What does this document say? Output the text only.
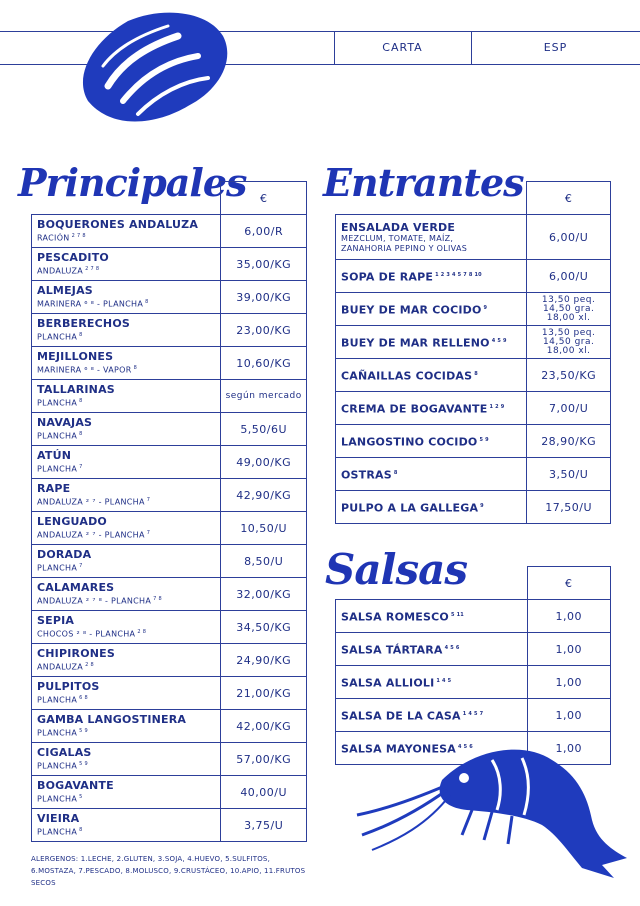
CARTA	ESP
Principales
	€

BOQUERONES ANDALUZA
RACIÓN $^{2 7 8}$	6,00/R

PESCADITO
ANDALUZA $^{2 7 8}$	35,00/KG

ALMEJAS
MARINERA ⁶ ⁸ - PLANCHA $^8$	39,00/KG

BERBERECHOS
PLANCHA $^8$	23,00/KG

MEJILLONES
MARINERA ⁶ ⁸ - VAPOR $^8$	10,60/KG

TALLARINAS
PLANCHA $^8$	según mercado

NAVAJAS
PLANCHA $^8$	5,50/6U

ATÚN
PLANCHA $^7$	49,00/KG

RAPE
ANDALUZA ² ⁷ - PLANCHA $^7$	42,90/KG

LENGUADO
ANDALUZA ² ⁷ - PLANCHA $^7$	10,50/U

DORADA
PLANCHA $^7$	8,50/U

CALAMARES
ANDALUZA ² ⁷ ⁸ - PLANCHA $^{7 8}$	32,00/KG

SEPIA
CHOCOS ² ⁸ - PLANCHA $^{2 8}$	34,50/KG

CHIPIRONES
ANDALUZA $^{2 8}$	24,90/KG

PULPITOS
PLANCHA $^{6 8}$	21,00/KG

GAMBA LANGOSTINERA
PLANCHA $^{5 9}$	42,00/KG

CIGALAS
PLANCHA $^{5 9}$	57,00/KG

BOGAVANTE
PLANCHA $^5$	40,00/U

VIEIRA
PLANCHA $^8$	3,75/U
Entrantes
		€

ENSALADA VERDE
MEZCLUM, TOMATE, MAÍZ,
ZANAHORIA PEPINO Y OLIVAS	6,00/U

SOPA DE RAPE $^{1 2 3 4 5 7 8 10}$	6,00/U

BUEY DE MAR COCIDO $^9$	13,50 peq.
14,50 gra.
18,00 xl.

BUEY DE MAR RELLENO $^{4 5 9}$	13,50 peq.
14,50 gra.
18,00 xl.

CAÑAILLAS COCIDAS $^8$	23,50/KG

CREMA DE BOGAVANTE $^{1 2 9}$	7,00/U

LANGOSTINO COCIDO $^{5 9}$	28,90/KG

OSTRAS $^8$	3,50/U

PULPO A LA GALLEGA $^9$	17,50/U
Salsas
		€

SALSA ROMESCO $^{5 11}$	1,00

SALSA TÁRTARA $^{4 5 6}$	1,00

SALSA ALLIOLI $^{1 4 5}$	1,00

SALSA DE LA CASA $^{1 4 5 7}$	1,00

SALSA MAYONESA $^{4 5 6}$	1,00
ALERGENOS: 1.LECHE, 2.GLUTEN, 3.SOJA, 4.HUEVO, 5.SULFITOS,
6.MOSTAZA, 7.PESCADO, 8.MOLUSCO, 9.CRUSTÁCEO, 10.APIO, 11.FRUTOS SECOS
